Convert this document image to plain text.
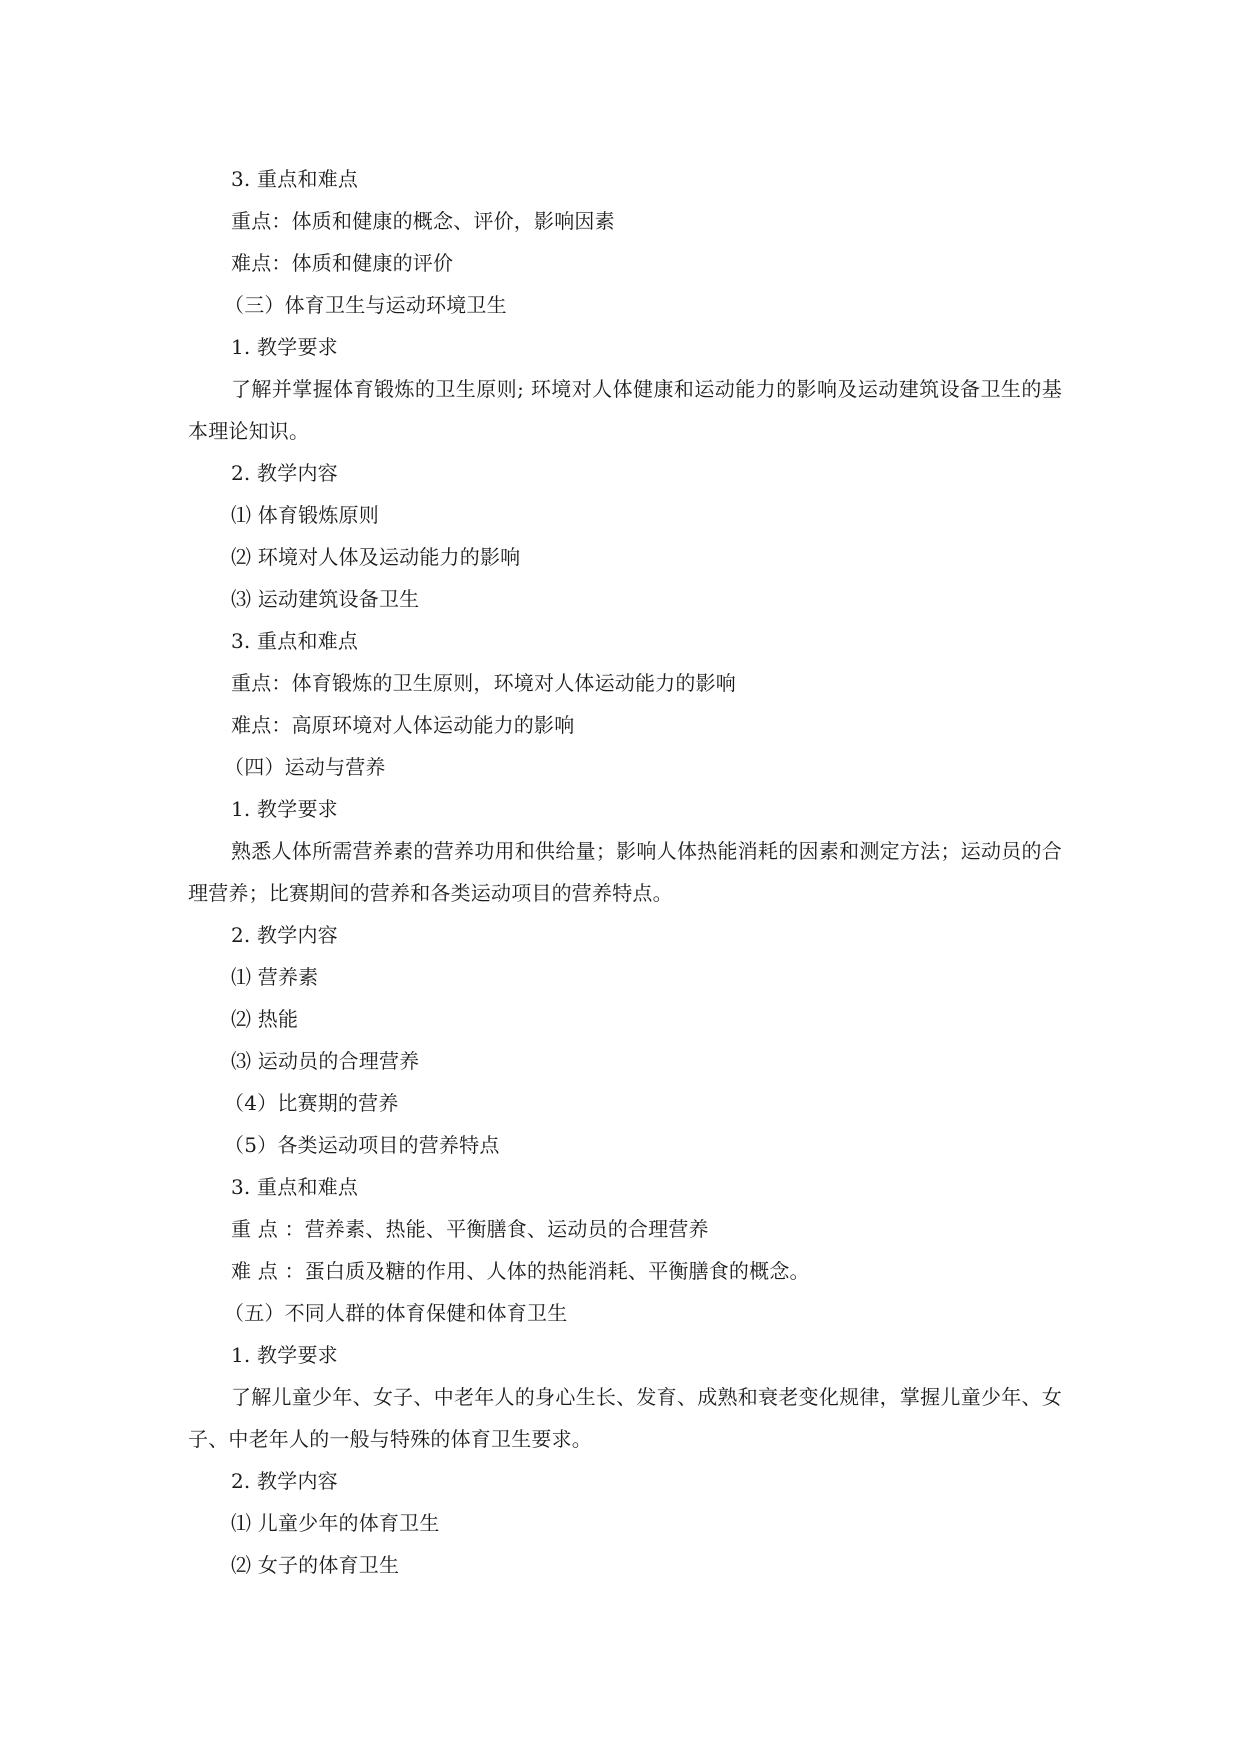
3. 重点和难点

重点：体质和健康的概念、评价，影响因素

难点：体质和健康的评价

（三）体育卫生与运动环境卫生

1. 教学要求

了解并掌握体育锻炼的卫生原则; 环境对人体健康和运动能力的影响及运动建筑设备卫生的基本理论知识。

2. 教学内容

⑴ 体育锻炼原则

⑵ 环境对人体及运动能力的影响

⑶ 运动建筑设备卫生

3. 重点和难点

重点：体育锻炼的卫生原则，环境对人体运动能力的影响

难点：高原环境对人体运动能力的影响

（四）运动与营养

1. 教学要求

熟悉人体所需营养素的营养功用和供给量；影响人体热能消耗的因素和测定方法；运动员的合理营养；比赛期间的营养和各类运动项目的营养特点。

2. 教学内容

⑴ 营养素

⑵ 热能

⑶ 运动员的合理营养

（4）比赛期的营养

（5）各类运动项目的营养特点

3. 重点和难点

重 点 ：营养素、热能、平衡膳食、运动员的合理营养

难 点 ：蛋白质及糖的作用、人体的热能消耗、平衡膳食的概念。

（五）不同人群的体育保健和体育卫生

1. 教学要求

了解儿童少年、女子、中老年人的身心生长、发育、成熟和衰老变化规律，掌握儿童少年、女子、中老年人的一般与特殊的体育卫生要求。

2. 教学内容

⑴ 儿童少年的体育卫生

⑵ 女子的体育卫生
